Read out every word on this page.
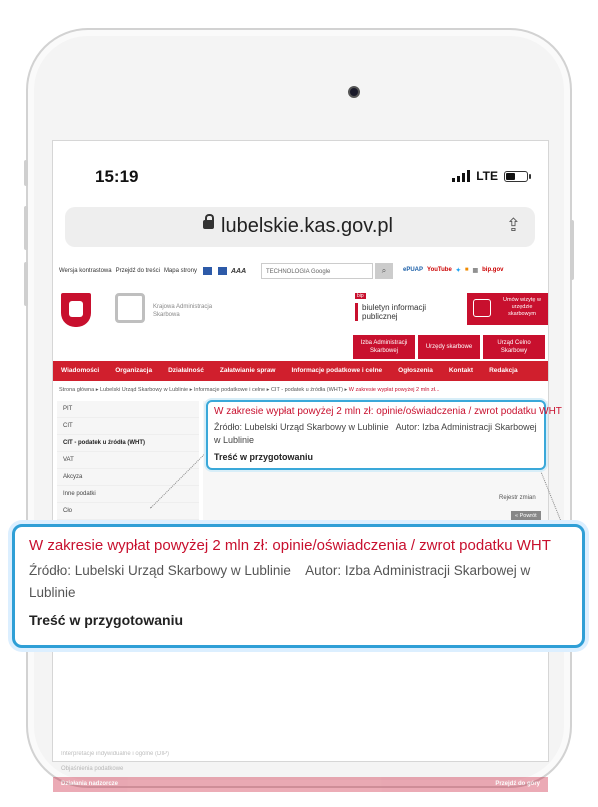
15:19	LTE
lubelskie.kas.gov.pl	⇪
Wersja kontrastowa Przejdź do treści Mapa strony	AAA	TECHNOLOGIA Google	⌕	ePUAP YouTube ✦ ■ ▦ bip.gov
Krajowa Administracja Skarbowa
bip
biuletyn informacji publicznej
Umów wizytę w urzędzie skarbowym
Izba Administracji Skarbowej
Urzędy skarbowe
Urząd Celno Skarbowy
Wiadomości	Organizacja	Działalność	Załatwianie spraw	Informacje podatkowe i celne	Ogłoszenia	Kontakt	Redakcja
Strona główna ▸ Lubelski Urząd Skarbowy w Lublinie ▸ Informacje podatkowe i celne ▸ CIT - podatek u źródła (WHT) ▸ W zakresie wypłat powyżej 2 mln zł...
PIT
CIT
CIT - podatek u źródła (WHT)
VAT
Akcyza
Inne podatki
Cło
Rejestr zmian
« Powrót
Interpretacje indywidualne i ogólne (DIP)
Objaśnienia podatkowe
Działania nadzorcze	Przejdź do góry
W zakresie wypłat powyżej 2 mln zł: opinie/oświadczenia / zwrot podatku WHT
Źródło: Lubelski Urząd Skarbowy w Lublinie Autor: Izba Administracji Skarbowej w Lublinie
Treść w przygotowaniu
W zakresie wypłat powyżej 2 mln zł: opinie/oświadczenia / zwrot podatku WHT
Źródło: Lubelski Urząd Skarbowy w Lublinie Autor: Izba Administracji Skarbowej w Lublinie
Treść w przygotowaniu
